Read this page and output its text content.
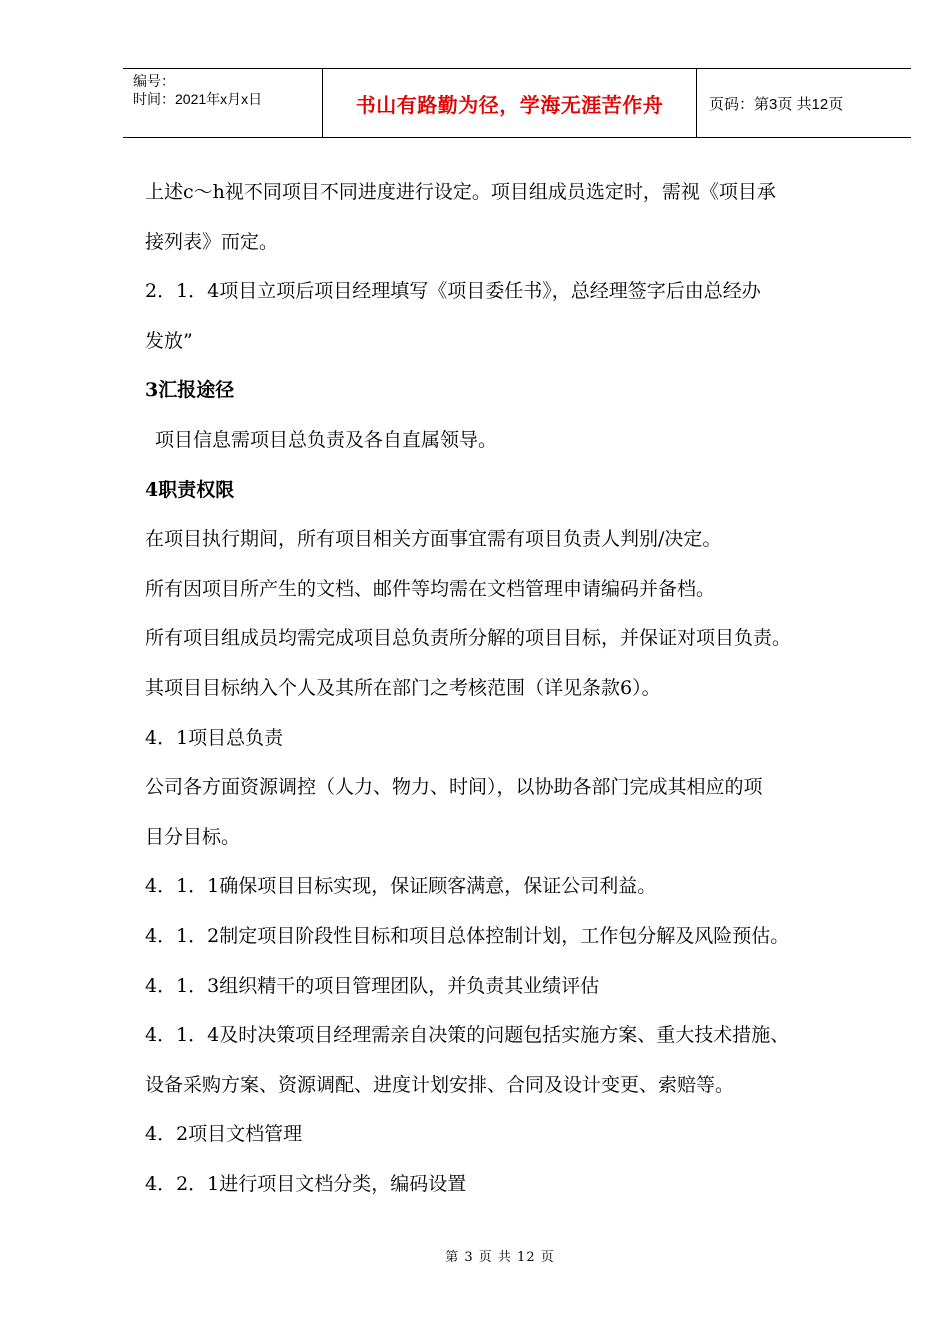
编号：
时间：2021年x月x日	书山有路勤为径，学海无涯苦作舟	页码：第3页 共12页
上述c～h视不同项目不同进度进行设定。项目组成员选定时，需视《项目承
接列表》而定。
2．1．4项目立项后项目经理填写《项目委任书》，总经理签字后由总经办
发放”
3汇报途径
项目信息需项目总负责及各自直属领导。
4职责权限
在项目执行期间，所有项目相关方面事宜需有项目负责人判别/决定。
所有因项目所产生的文档、邮件等均需在文档管理申请编码并备档。
所有项目组成员均需完成项目总负责所分解的项目目标，并保证对项目负责。
其项目目标纳入个人及其所在部门之考核范围（详见条款6）。
4．1项目总负责
公司各方面资源调控（人力、物力、时间），以协助各部门完成其相应的项
目分目标。
4．1．1确保项目目标实现，保证顾客满意，保证公司利益。
4．1．2制定项目阶段性目标和项目总体控制计划，工作包分解及风险预估。
4．1．3组织精干的项目管理团队，并负责其业绩评估
4．1．4及时决策项目经理需亲自决策的问题包括实施方案、重大技术措施、
设备采购方案、资源调配、进度计划安排、合同及设计变更、索赔等。
4．2项目文档管理
4．2．1进行项目文档分类，编码设置
第 3 页 共 12 页
